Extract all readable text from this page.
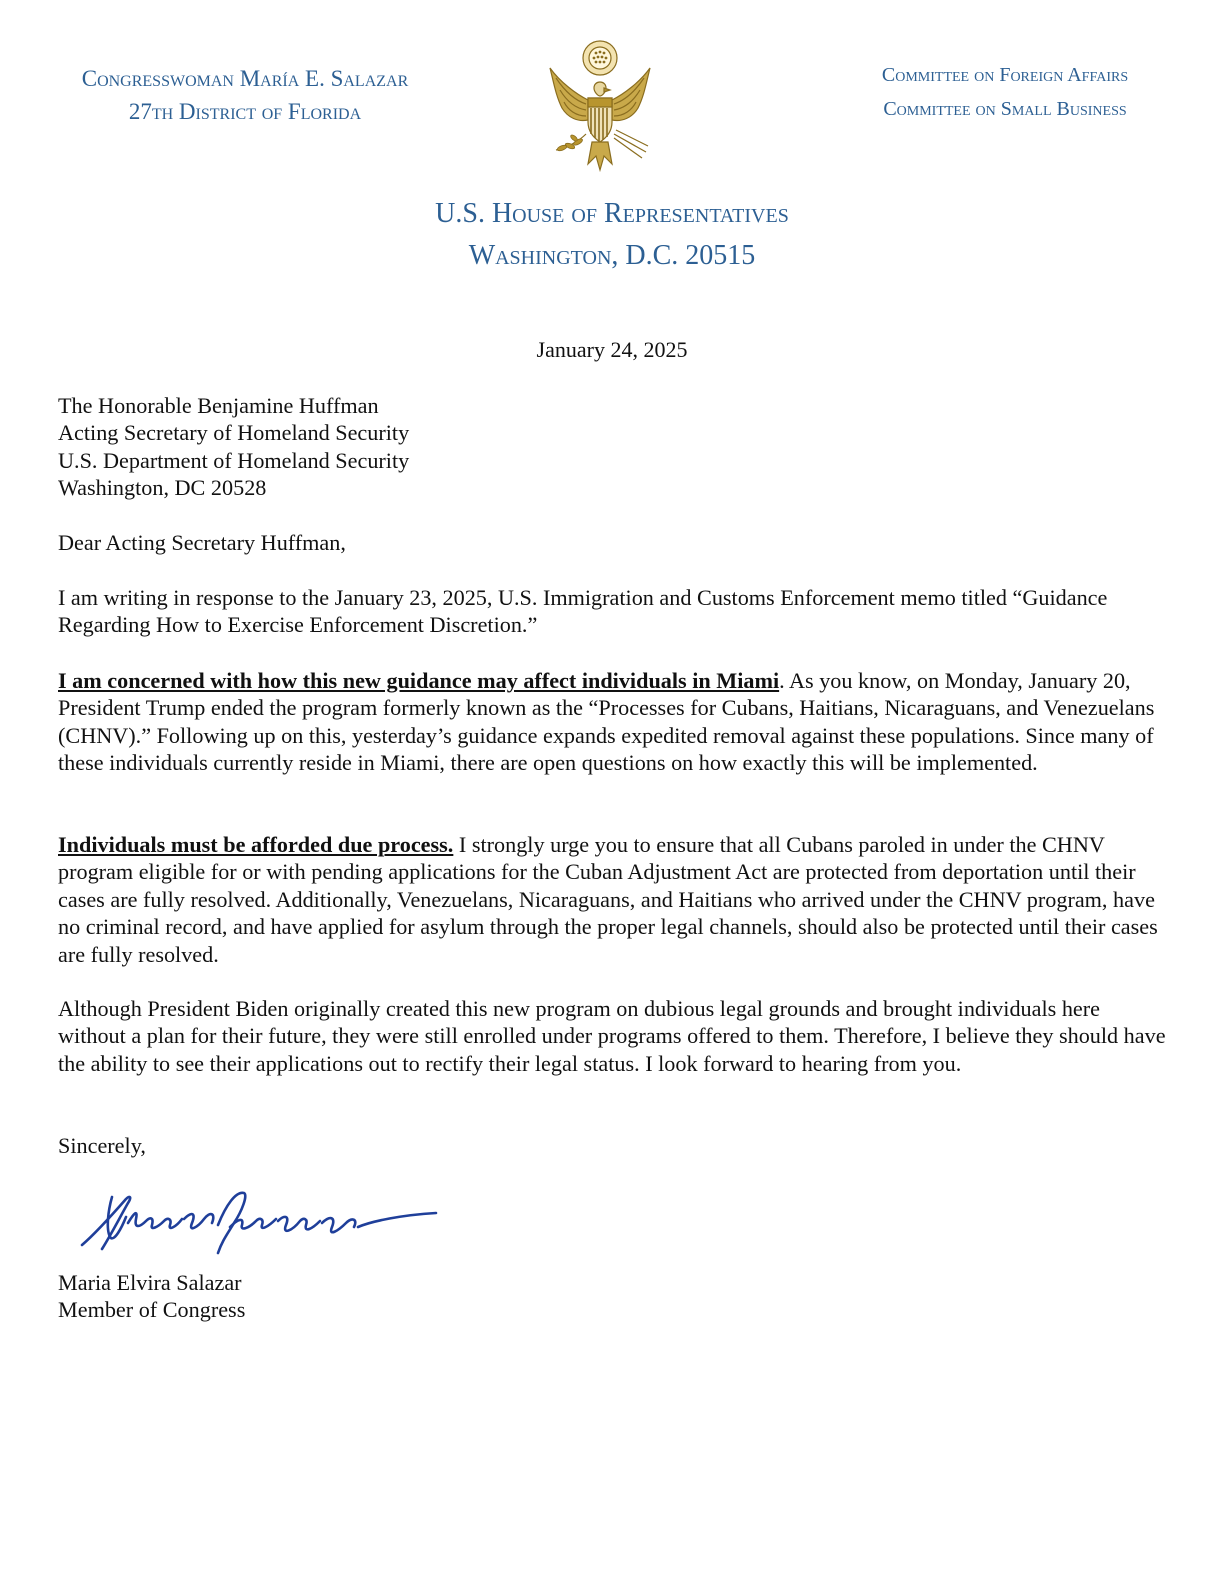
Congresswoman María E. Salazar
27th District of Florida
Committee on Foreign Affairs
Committee on Small Business
U.S. House of Representatives
Washington, D.C. 20515
January 24, 2025
The Honorable Benjamine Huffman
Acting Secretary of Homeland Security
U.S. Department of Homeland Security
Washington, DC 20528
Dear Acting Secretary Huffman,
I am writing in response to the January 23, 2025, U.S. Immigration and Customs Enforcement memo titled “Guidance Regarding How to Exercise Enforcement Discretion.”
I am concerned with how this new guidance may affect individuals in Miami. As you know, on Monday, January 20, President Trump ended the program formerly known as the “Processes for Cubans, Haitians, Nicaraguans, and Venezuelans (CHNV).” Following up on this, yesterday’s guidance expands expedited removal against these populations. Since many of these individuals currently reside in Miami, there are open questions on how exactly this will be implemented.
Individuals must be afforded due process. I strongly urge you to ensure that all Cubans paroled in under the CHNV program eligible for or with pending applications for the Cuban Adjustment Act are protected from deportation until their cases are fully resolved. Additionally, Venezuelans, Nicaraguans, and Haitians who arrived under the CHNV program, have no criminal record, and have applied for asylum through the proper legal channels, should also be protected until their cases are fully resolved.
Although President Biden originally created this new program on dubious legal grounds and brought individuals here without a plan for their future, they were still enrolled under programs offered to them. Therefore, I believe they should have the ability to see their applications out to rectify their legal status. I look forward to hearing from you.
Sincerely,
Maria Elvira Salazar
Member of Congress
